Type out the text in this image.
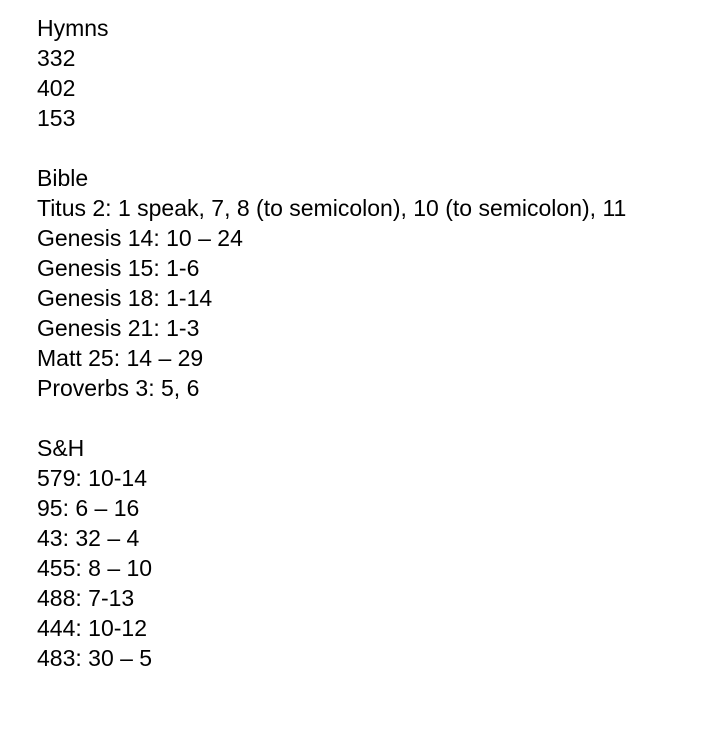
Hymns
332
402
153
Bible
Titus 2: 1 speak, 7, 8 (to semicolon), 10 (to semicolon), 11
Genesis 14: 10 – 24
Genesis 15: 1-6
Genesis 18: 1-14
Genesis 21: 1-3
Matt 25: 14 – 29
Proverbs 3: 5, 6
S&H
579: 10-14
95: 6 – 16
43: 32 – 4
455: 8 – 10
488: 7-13
444: 10-12
483: 30 – 5
